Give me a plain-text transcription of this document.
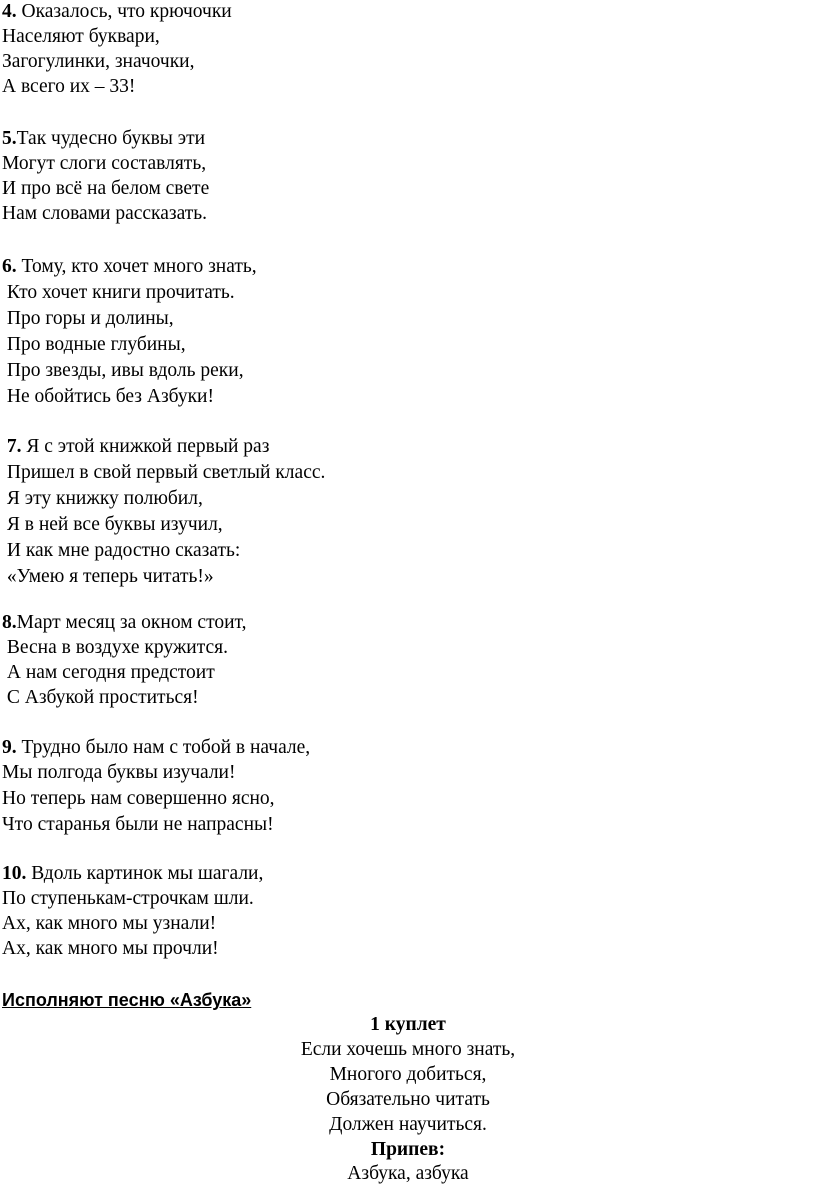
4. Оказалось, что крючочки
Населяют буквари,
Загогулинки, значочки,
А всего их – 33!
5.Так чудесно буквы эти
Могут слоги составлять,
И про всё на белом свете
Нам словами рассказать.
6. Тому, кто хочет много знать,
Кто хочет книги прочитать.
Про горы и долины,
Про водные глубины,
Про звезды, ивы вдоль реки,
Не обойтись без Азбуки!
7. Я с этой книжкой первый раз
Пришел в свой первый светлый класс.
Я эту книжку полюбил,
Я в ней все буквы изучил,
И как мне радостно сказать:
«Умею я теперь читать!»
8.Март месяц за окном стоит,
Весна в воздухе кружится.
А нам сегодня предстоит
С Азбукой проститься!
9. Трудно было нам с тобой в начале,
Мы полгода буквы изучали!
Но теперь нам совершенно ясно,
Что старанья были не напрасны!
10. Вдоль картинок мы шагали,
По ступенькам-строчкам шли.
Ах, как много мы узнали!
Ах, как много мы прочли!
Исполняют песню «Азбука»
1 куплет
Если хочешь много знать,
Многого добиться,
Обязательно читать
Должен научиться.
Припев:
Азбука, азбука
